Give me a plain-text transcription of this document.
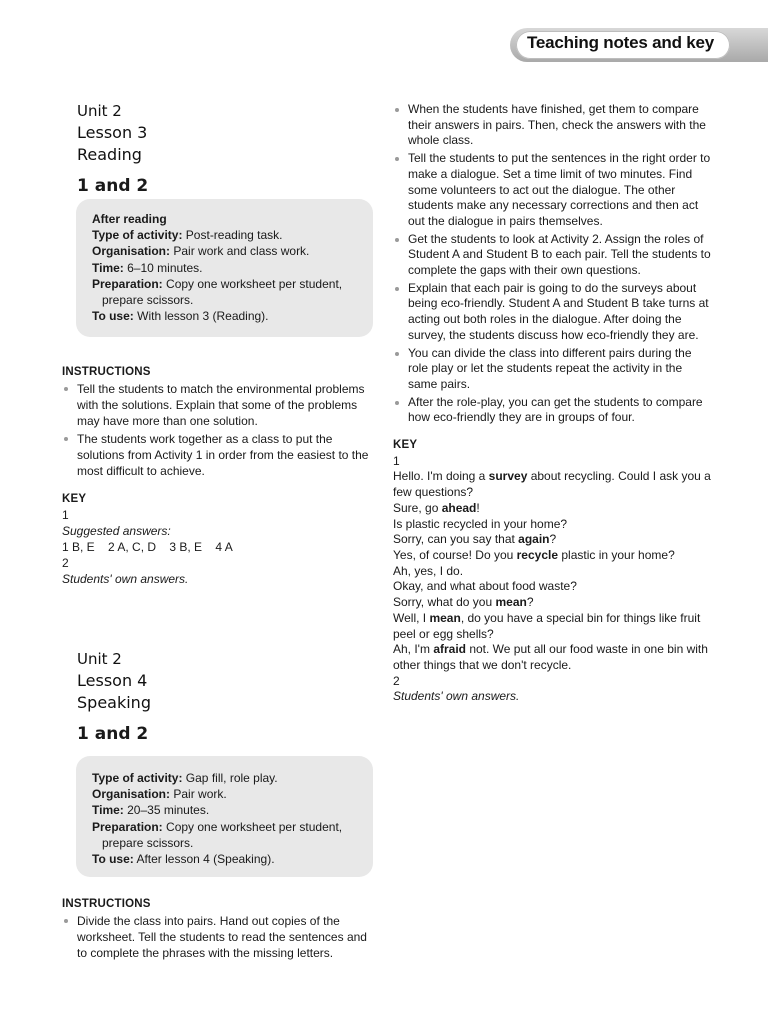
Teaching notes and key
Unit 2
Lesson 3
Reading
1 and 2
After reading
Type of activity: Post-reading task.
Organisation: Pair work and class work.
Time: 6–10 minutes.
Preparation: Copy one worksheet per student, prepare scissors.
To use: With lesson 3 (Reading).
INSTRUCTIONS
Tell the students to match the environmental problems with the solutions. Explain that some of the problems may have more than one solution.
The students work together as a class to put the solutions from Activity 1 in order from the easiest to the most difficult to achieve.
KEY
1
Suggested answers:
1 B, E    2 A, C, D    3 B, E    4 A
2
Students' own answers.
Unit 2
Lesson 4
Speaking
1 and 2
Type of activity: Gap fill, role play.
Organisation: Pair work.
Time: 20–35 minutes.
Preparation: Copy one worksheet per student, prepare scissors.
To use: After lesson 4 (Speaking).
INSTRUCTIONS
Divide the class into pairs. Hand out copies of the worksheet. Tell the students to read the sentences and to complete the phrases with the missing letters.
When the students have finished, get them to compare their answers in pairs. Then, check the answers with the whole class.
Tell the students to put the sentences in the right order to make a dialogue. Set a time limit of two minutes. Find some volunteers to act out the dialogue. The other students make any necessary corrections and then act out the dialogue in pairs themselves.
Get the students to look at Activity 2. Assign the roles of Student A and Student B to each pair. Tell the students to complete the gaps with their own questions.
Explain that each pair is going to do the surveys about being eco-friendly. Student A and Student B take turns at acting out both roles in the dialogue. After doing the survey, the students discuss how eco-friendly they are.
You can divide the class into different pairs during the role play or let the students repeat the activity in the same pairs.
After the role-play, you can get the students to compare how eco-friendly they are in groups of four.
KEY
1
Hello. I'm doing a survey about recycling. Could I ask you a few questions?
Sure, go ahead!
Is plastic recycled in your home?
Sorry, can you say that again?
Yes, of course! Do you recycle plastic in your home?
Ah, yes, I do.
Okay, and what about food waste?
Sorry, what do you mean?
Well, I mean, do you have a special bin for things like fruit peel or egg shells?
Ah, I'm afraid not. We put all our food waste in one bin with other things that we don't recycle.
2
Students' own answers.
